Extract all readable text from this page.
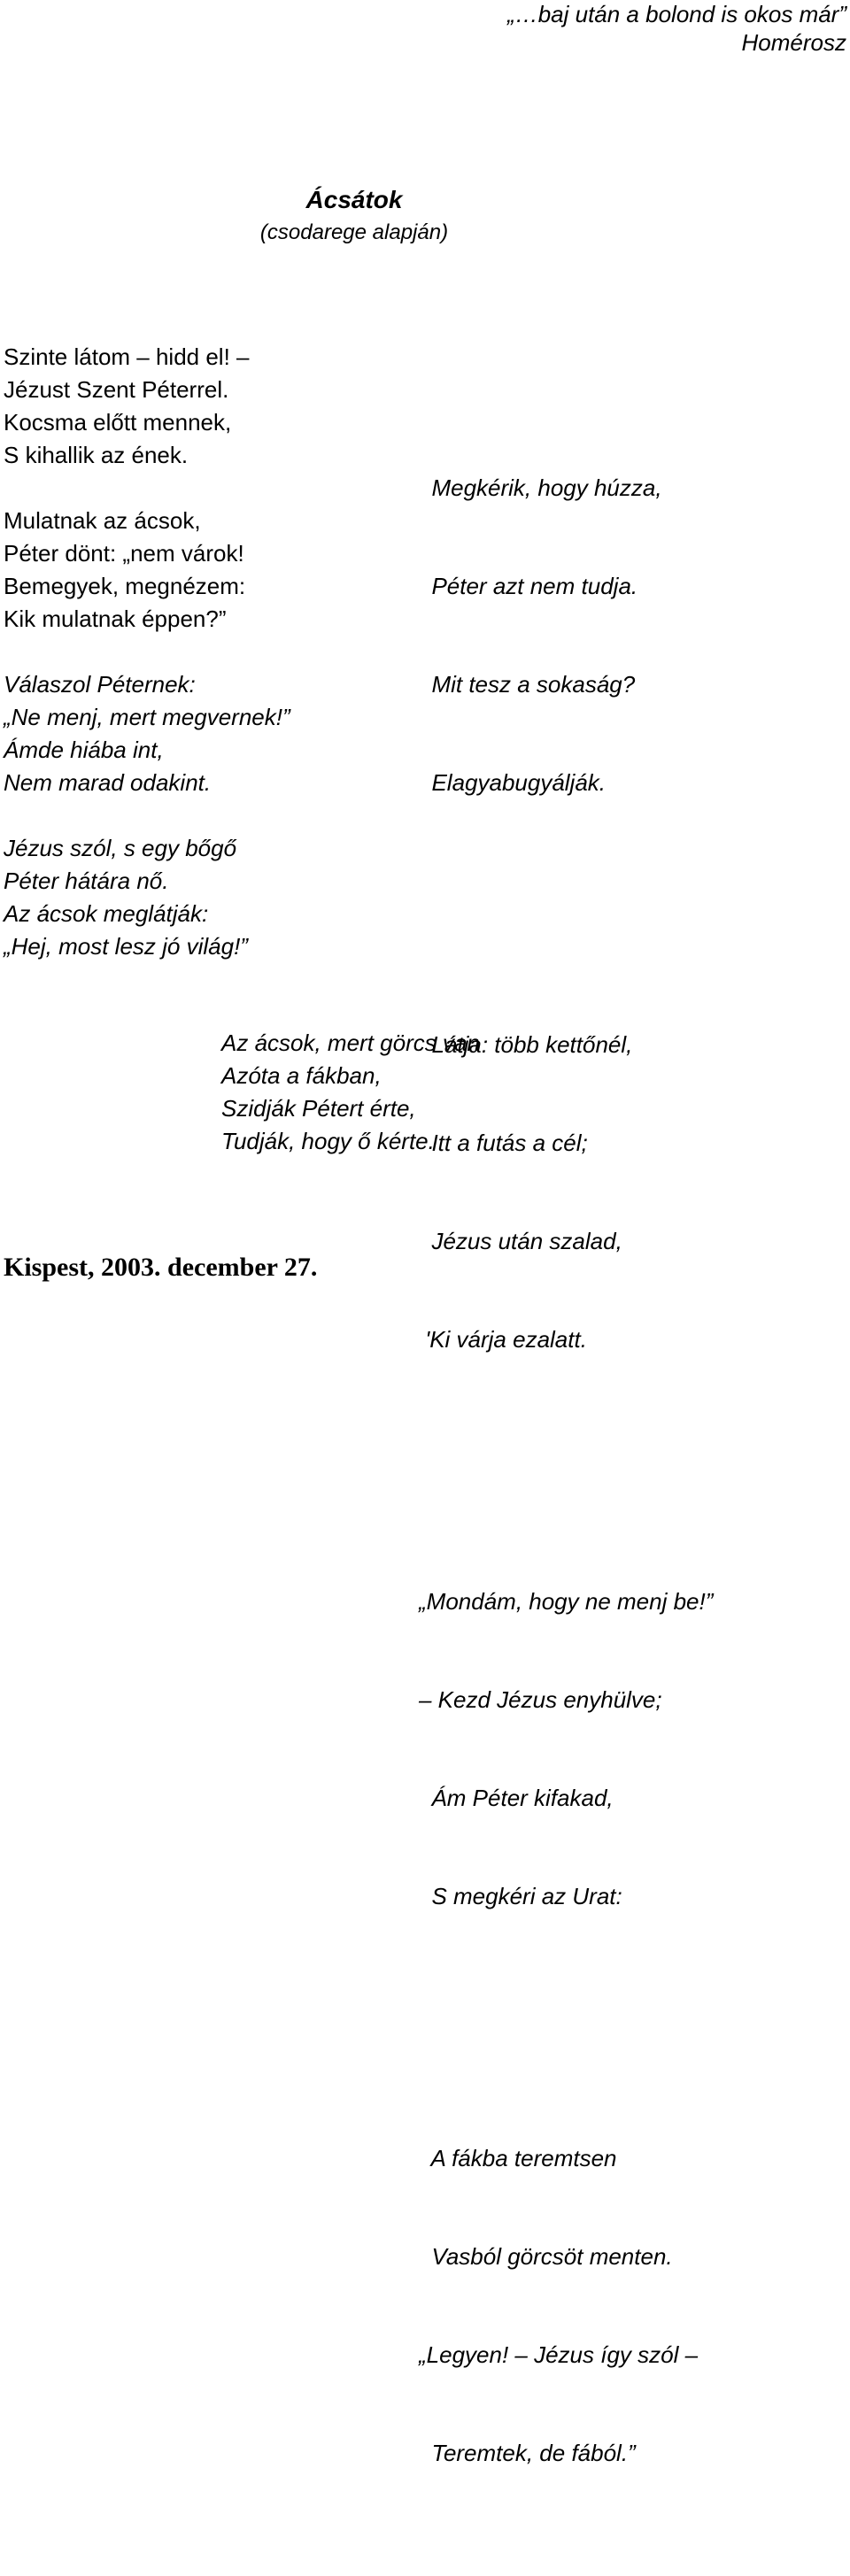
„…baj után a bolond is okos már”

Homérosz

Ácsátok

(csodarege alapján)

Szinte látom – hidd el! –
Jézust Szent Péterrel.
Kocsma előtt mennek,
S kihallik az ének.
Mulatnak az ácsok,
Péter dönt: „nem várok!
Bemegyek, megnézem:
Kik mulatnak éppen?”
Válaszol Péternek:
„Ne menj, mert megvernek!”
Ámde hiába int,
Nem marad odakint.
Jézus szól, s egy bőgő
Péter hátára nő.
Az ácsok meglátják:
„Hej, most lesz jó világ!”

Megkérik, hogy húzza,

Péter azt nem tudja.

Mit tesz a sokaság?

Elagyabugyálják.

Látja: több kettőnél,

Itt a futás a cél;

Jézus után szalad,

'Ki várja ezalatt.

„Mondám, hogy ne menj be!”

– Kezd Jézus enyhülve;

Ám Péter kifakad,

S megkéri az Urat:

A fákba teremtsen

Vasból görcsöt menten.

„Legyen! – Jézus így szól –

Teremtek, de fából.”

Az ácsok, mert görcs van
Azóta a fákban,
Szidják Pétert érte,
Tudják, hogy ő kérte.
Kispest, 2003. december 27.
